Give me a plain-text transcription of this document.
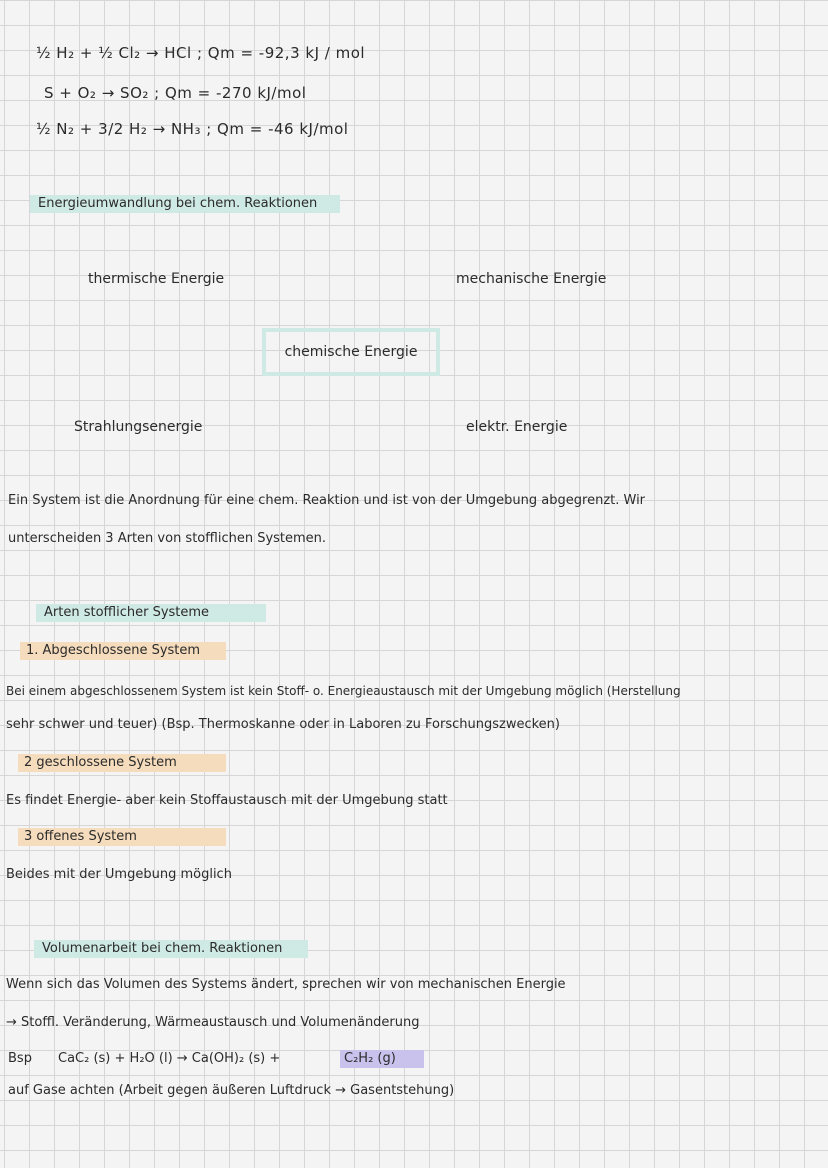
½ H₂ + ½ Cl₂ → HCl ; Qm = -92,3 kJ / mol
S + O₂ → SO₂ ; Qm = -270 kJ/mol
½ N₂ + 3/2 H₂ → NH₃ ; Qm = -46 kJ/mol
Energieumwandlung bei chem. Reaktionen
thermische Energie	mechanische Energie
chemische Energie
Strahlungsenergie	elektr. Energie
Ein System ist die Anordnung für eine chem. Reaktion und ist von der Umgebung abgegrenzt. Wir
unterscheiden 3 Arten von stofflichen Systemen.
Arten stofflicher Systeme
1. Abgeschlossene System
Bei einem abgeschlossenem System ist kein Stoff- o. Energieaustausch mit der Umgebung möglich (Herstellung
sehr schwer und teuer) (Bsp. Thermoskanne oder in Laboren zu Forschungszwecken)
2 geschlossene System
Es findet Energie- aber kein Stoffaustausch mit der Umgebung statt
3 offenes System
Beides mit der Umgebung möglich
Volumenarbeit bei chem. Reaktionen
Wenn sich das Volumen des Systems ändert, sprechen wir von mechanischen Energie
→ Stoffl. Veränderung, Wärmeaustausch und Volumenänderung
Bsp CaC₂ (s) + H₂O (l) → Ca(OH)₂ (s) +	C₂H₂ (g)
auf Gase achten (Arbeit gegen äußeren Luftdruck → Gasentstehung)
